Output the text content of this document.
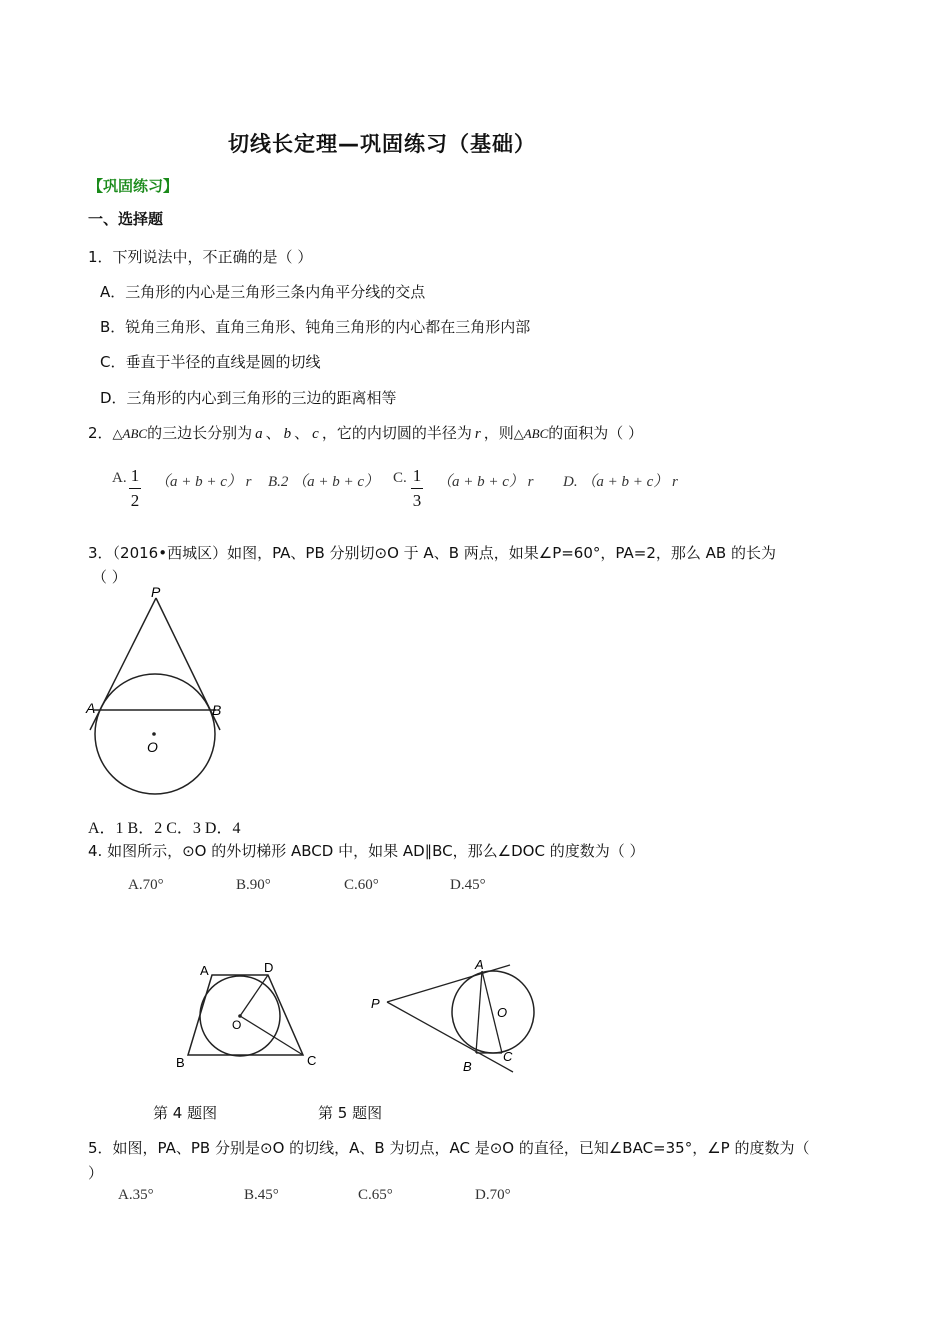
切线长定理—巩固练习（基础）
【巩固练习】
一、选择题
1．下列说法中，不正确的是（ ）
A．三角形的内心是三角形三条内角平分线的交点
B．锐角三角形、直角三角形、钝角三角形的内心都在三角形内部
C．垂直于半径的直线是圆的切线
D．三角形的内心到三角形的三边的距离相等
2．△ABC的三边长分别为 a 、 b 、 c ，它的内切圆的半径为 r ，则△ABC的面积为（ ）
A. 1
2
（a + b + c） r B.2 （a + b + c） C. 1
3
（a + b + c） r D. （a + b + c） r
3．（2016•西城区）如图，PA、PB 分别切⊙O 于 A、B 两点，如果∠P=60°，PA=2，那么 AB 的长为
（ ）
P
A	B
O
A．1 B．2 C．3 D．4
4. 如图所示，⊙O 的外切梯形 ABCD 中，如果 AD∥BC，那么∠DOC 的度数为（ ）
A.70°	B.90°	C.60°	D.45°
A	D
B	C
O
P
A
B
C
O
第 4 题图	第 5 题图
5．如图，PA、PB 分别是⊙O 的切线，A、B 为切点，AC 是⊙O 的直径，已知∠BAC=35°，∠P 的度数为（
）
A.35°	B.45°	C.65°	D.70°
